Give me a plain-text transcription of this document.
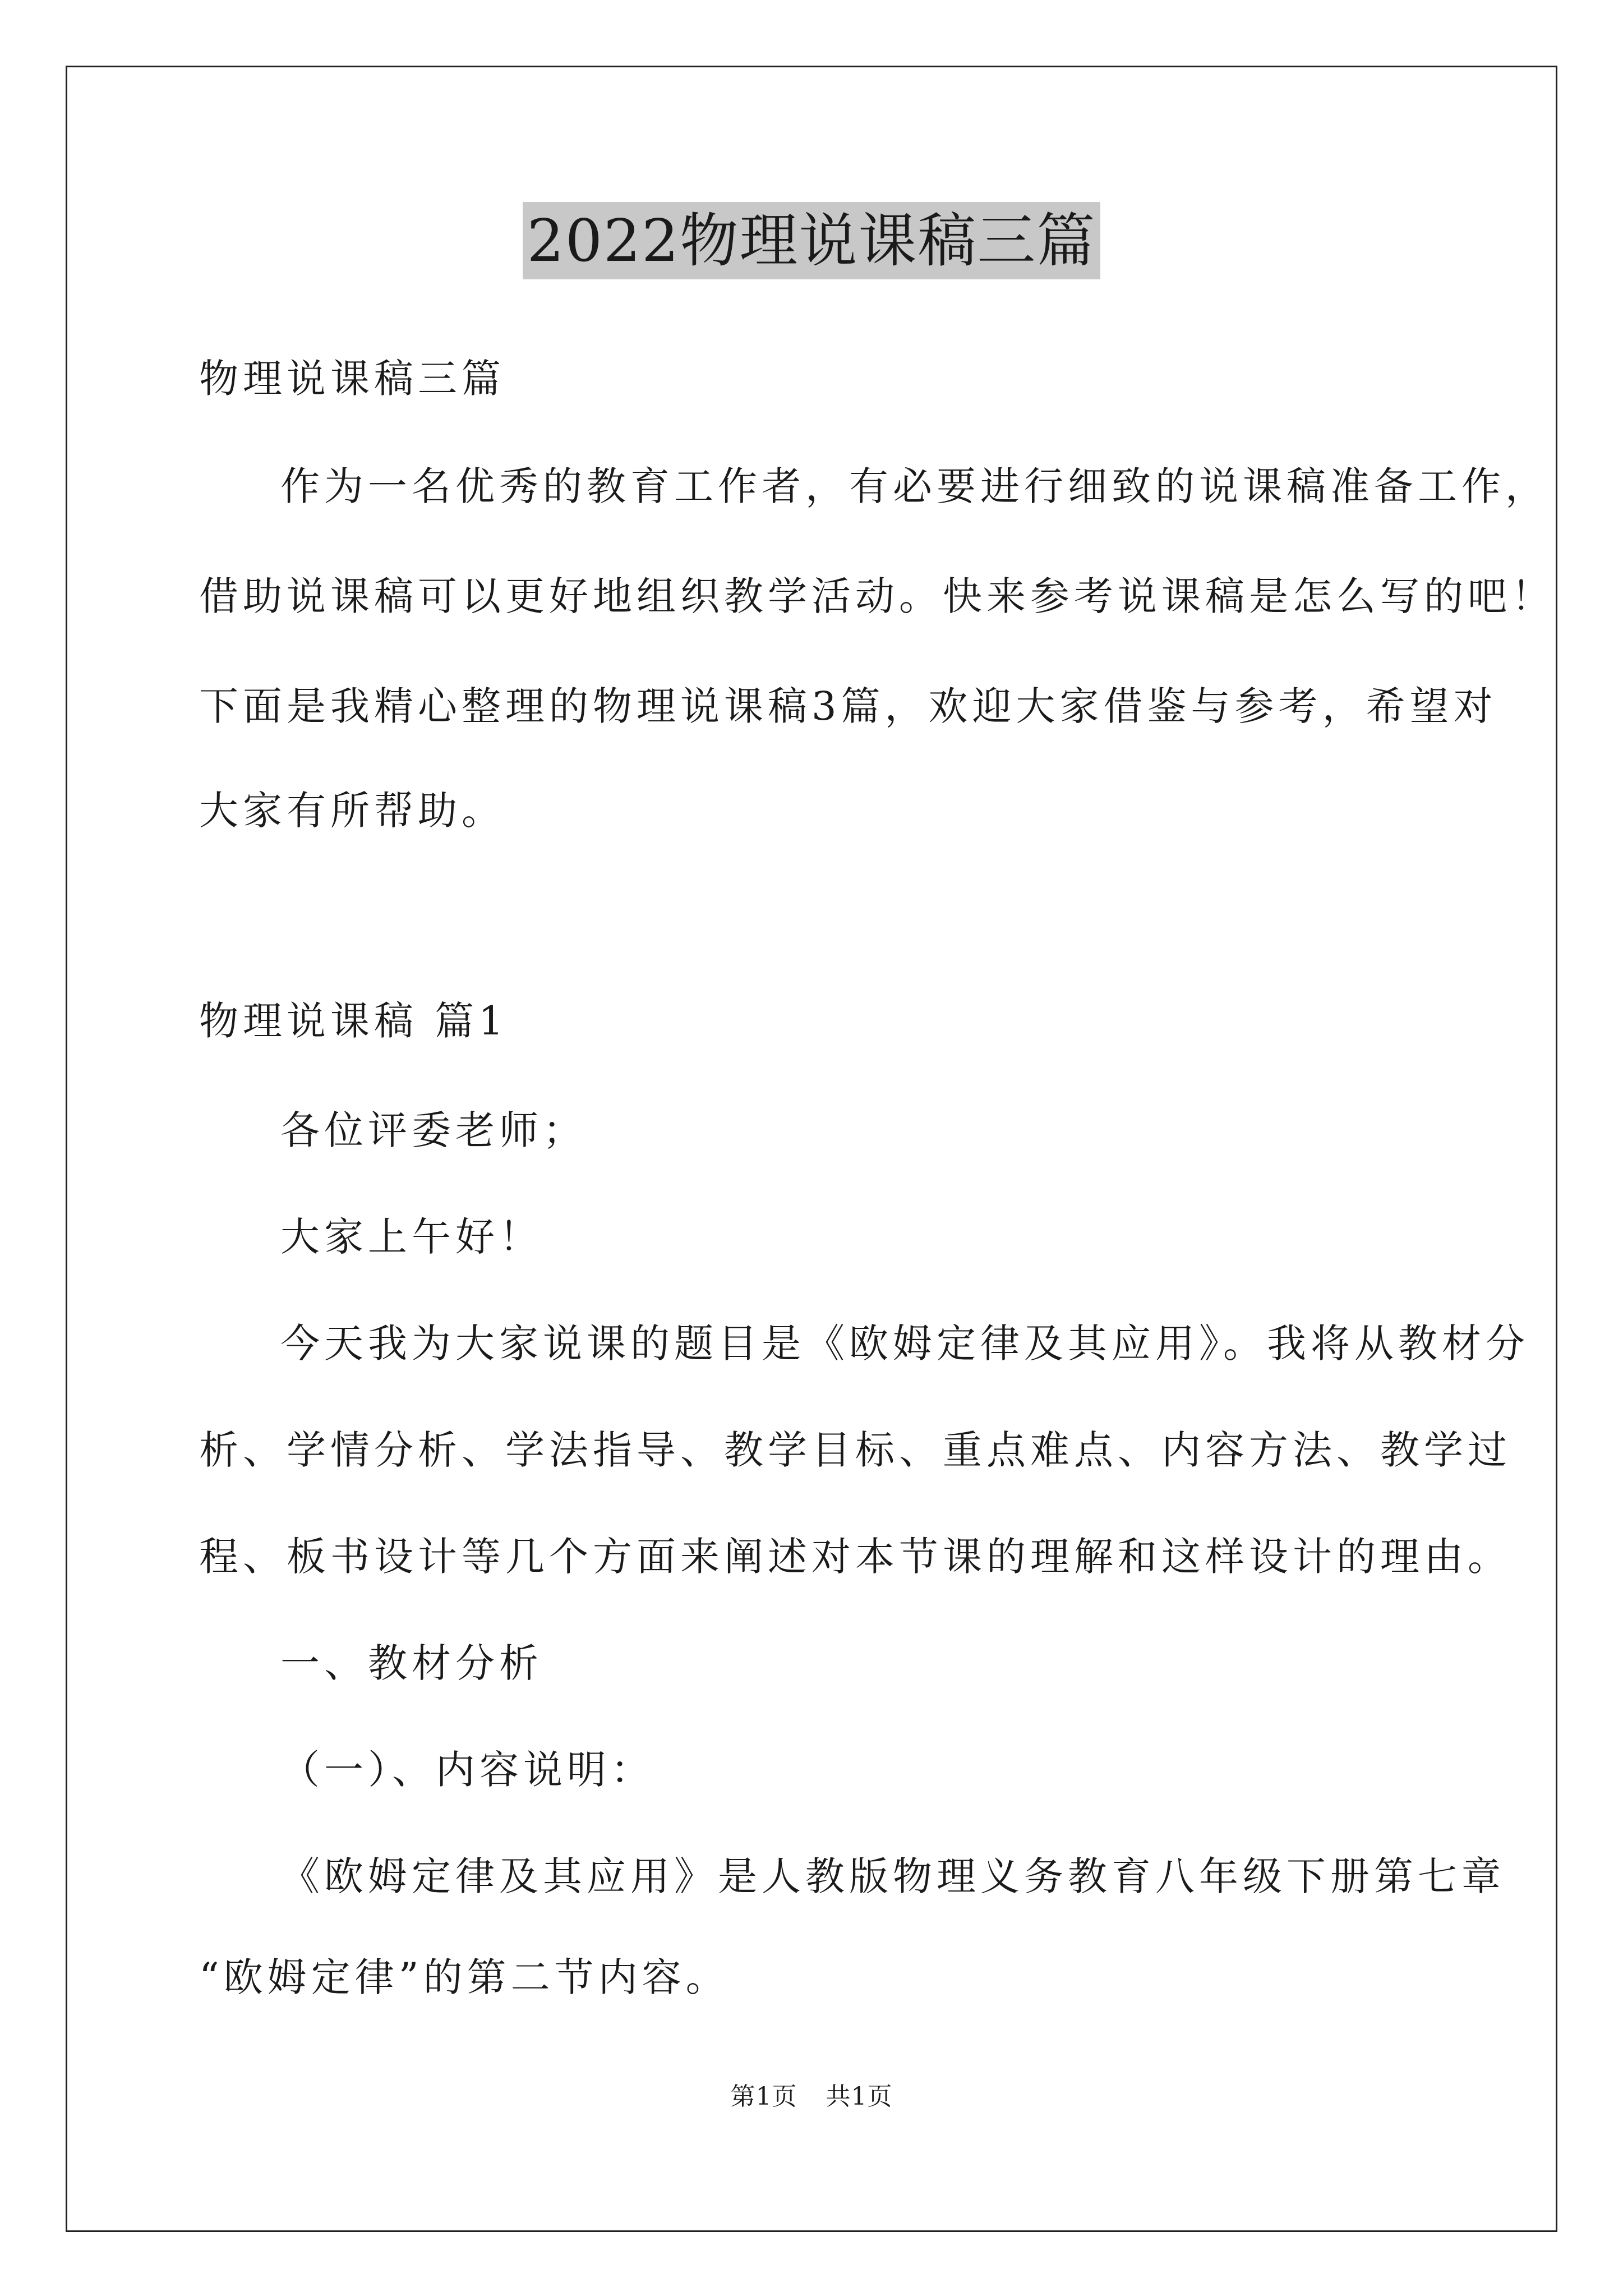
2022物理说课稿三篇
物理说课稿三篇
作为一名优秀的教育工作者，有必要进行细致的说课稿准备工作，
借助说课稿可以更好地组织教学活动。快来参考说课稿是怎么写的吧！
下面是我精心整理的物理说课稿3篇，欢迎大家借鉴与参考，希望对
大家有所帮助。
物理说课稿 篇1
各位评委老师；
大家上午好！
今天我为大家说课的题目是《欧姆定律及其应用》。我将从教材分
析、学情分析、学法指导、教学目标、重点难点、内容方法、教学过
程、板书设计等几个方面来阐述对本节课的理解和这样设计的理由。
一、教材分析
（一）、内容说明：
《欧姆定律及其应用》是人教版物理义务教育八年级下册第七章
“欧姆定律”的第二节内容。
第1页 共1页
